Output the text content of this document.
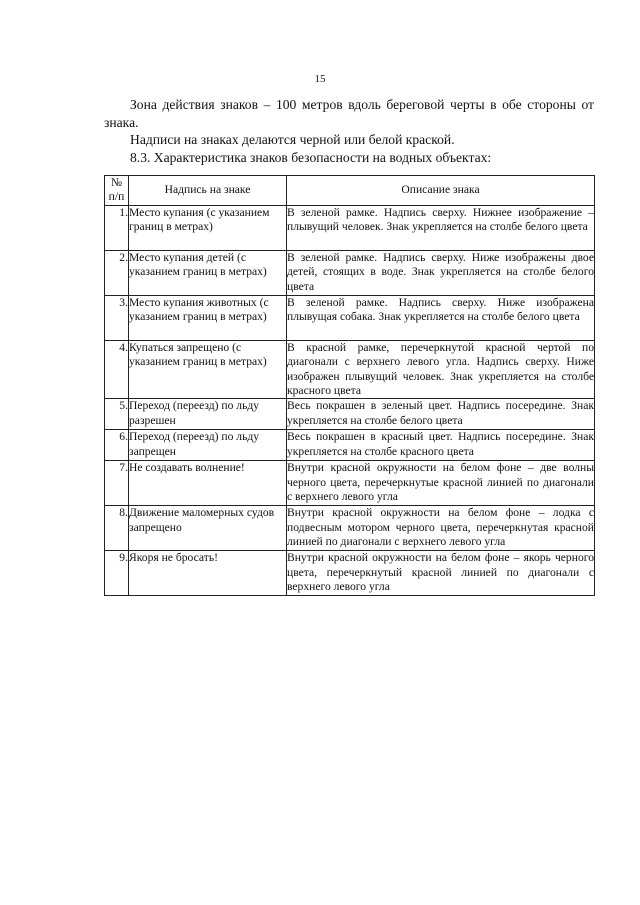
15

Зона действия знаков – 100 метров вдоль береговой черты в обе стороны от знака.

Надписи на знаках делаются черной или белой краской.

8.3. Характеристика знаков безопасности на водных объектах:

№ п/п	Надпись на знаке	Описание знака
1.	Место купания (с указанием границ в метрах)	В зеленой рамке. Надпись сверху. Нижнее изображение – плывущий человек. Знак укрепляется на столбе белого цвета
2.	Место купания детей (с указанием границ в метрах)	В зеленой рамке. Надпись сверху. Ниже изображены двое детей, стоящих в воде. Знак укрепляется на столбе белого цвета
3.	Место купания животных (с указанием границ в метрах)	В зеленой рамке. Надпись сверху. Ниже изображена плывущая собака. Знак укрепляется на столбе белого цвета
4.	Купаться запрещено (с указанием границ в метрах)	В красной рамке, перечеркнутой красной чертой по диагонали с верхнего левого угла. Надпись сверху. Ниже изображен плывущий человек. Знак укрепляется на столбе красного цвета
5.	Переход (переезд) по льду разрешен	Весь покрашен в зеленый цвет. Надпись посередине. Знак укрепляется на столбе белого цвета
6.	Переход (переезд) по льду запрещен	Весь покрашен в красный цвет. Надпись посередине. Знак укрепляется на столбе красного цвета
7.	Не создавать волнение!	Внутри красной окружности на белом фоне – две волны черного цвета, перечеркнутые красной линией по диагонали с верхнего левого угла
8.	Движение маломерных судов запрещено	Внутри красной окружности на белом фоне – лодка с подвесным мотором черного цвета, перечеркнутая красной линией по диагонали с верхнего левого угла
9.	Якоря не бросать!	Внутри красной окружности на белом фоне – якорь черного цвета, перечеркнутый красной линией по диагонали с верхнего левого угла
